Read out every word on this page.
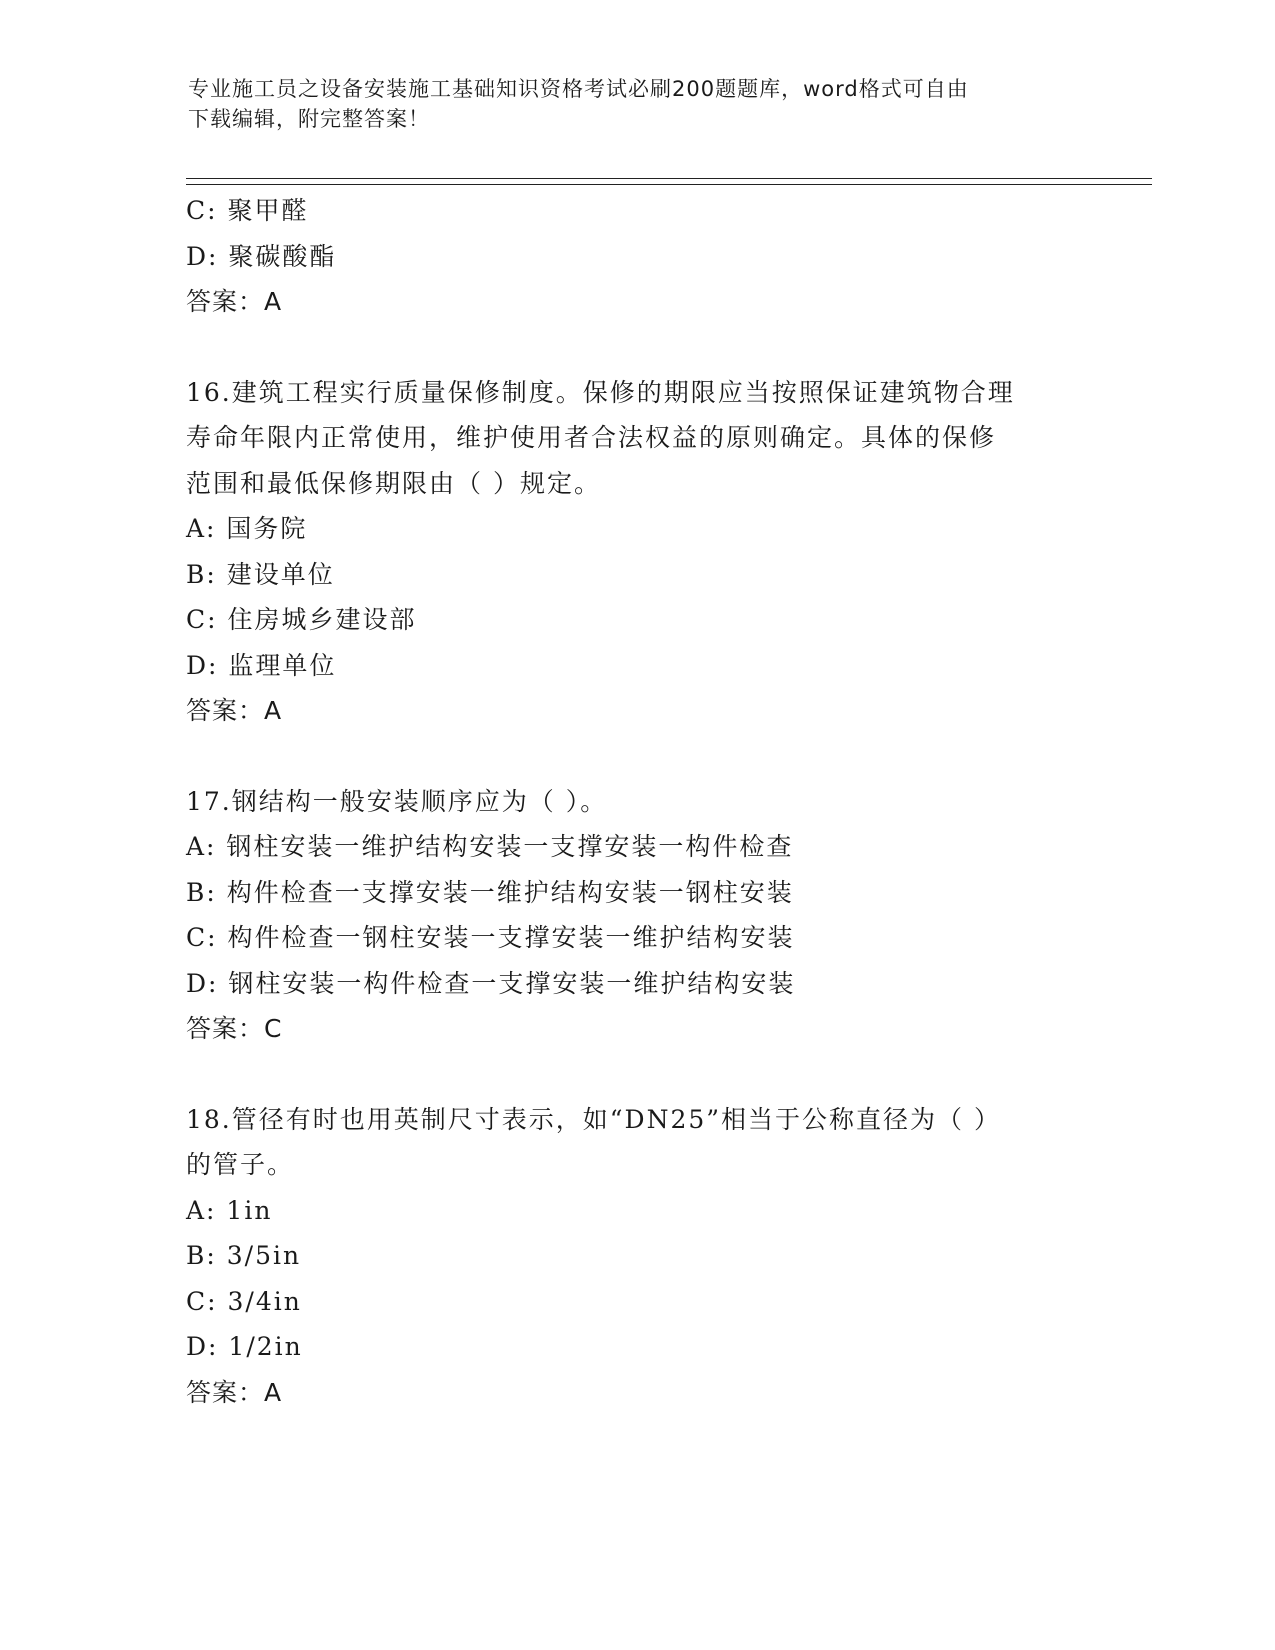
专业施工员之设备安装施工基础知识资格考试必刷200题题库，word格式可自由
下载编辑，附完整答案！
C: 聚甲醛
D: 聚碳酸酯
答案：A
16.建筑工程实行质量保修制度。保修的期限应当按照保证建筑物合理
寿命年限内正常使用，维护使用者合法权益的原则确定。具体的保修
范围和最低保修期限由（ ）规定。
A: 国务院
B: 建设单位
C: 住房城乡建设部
D: 监理单位
答案：A
17.钢结构一般安装顺序应为（ ）。
A: 钢柱安装一维护结构安装一支撑安装一构件检查
B: 构件检查一支撑安装一维护结构安装一钢柱安装
C: 构件检查一钢柱安装一支撑安装一维护结构安装
D: 钢柱安装一构件检查一支撑安装一维护结构安装
答案：C
18.管径有时也用英制尺寸表示，如“DN25”相当于公称直径为（ ）
的管子。
A: 1in
B: 3/5in
C: 3/4in
D: 1/2in
答案：A
